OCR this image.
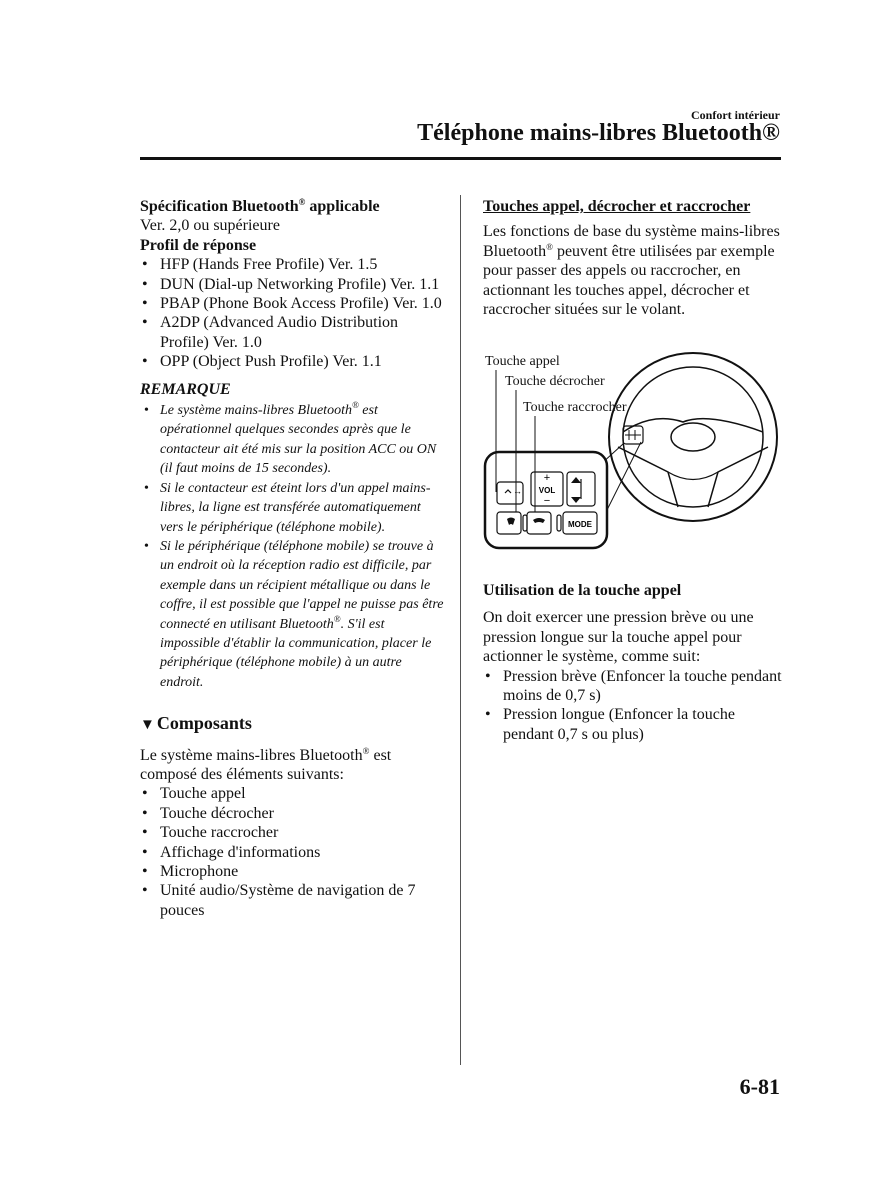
Confort intérieur
Téléphone mains-libres Bluetooth®
Spécification Bluetooth® applicable
Ver. 2,0 ou supérieure
Profil de réponse
• HFP (Hands Free Profile) Ver. 1.5
• DUN (Dial-up Networking Profile) Ver. 1.1
• PBAP (Phone Book Access Profile) Ver. 1.0
• A2DP (Advanced Audio Distribution Profile) Ver. 1.0
• OPP (Object Push Profile) Ver. 1.1
REMARQUE
• Le système mains-libres Bluetooth® est opérationnel quelques secondes après que le contacteur ait été mis sur la position ACC ou ON (il faut moins de 15 secondes).
• Si le contacteur est éteint lors d'un appel mains-libres, la ligne est transférée automatiquement vers le périphérique (téléphone mobile).
• Si le périphérique (téléphone mobile) se trouve à un endroit où la réception radio est difficile, par exemple dans un récipient métallique ou dans le coffre, il est possible que l'appel ne puisse pas être connecté en utilisant Bluetooth®. S'il est impossible d'établir la communication, placer le périphérique (téléphone mobile) à un autre endroit.
▼ Composants
Le système mains-libres Bluetooth® est composé des éléments suivants:
• Touche appel
• Touche décrocher
• Touche raccrocher
• Affichage d'informations
• Microphone
• Unité audio/Système de navigation de 7 pouces
Touches appel, décrocher et raccrocher
Les fonctions de base du système mains-libres Bluetooth® peuvent être utilisées par exemple pour passer des appels ou raccrocher, en actionnant les touches appel, décrocher et raccrocher situées sur le volant.
↔
+
VOL
−
MODE
Touche appel
Touche décrocher
Touche raccrocher
Utilisation de la touche appel
On doit exercer une pression brève ou une pression longue sur la touche appel pour actionner le système, comme suit:
• Pression brève (Enfoncer la touche pendant moins de 0,7 s)
• Pression longue (Enfoncer la touche pendant 0,7 s ou plus)
6-81
